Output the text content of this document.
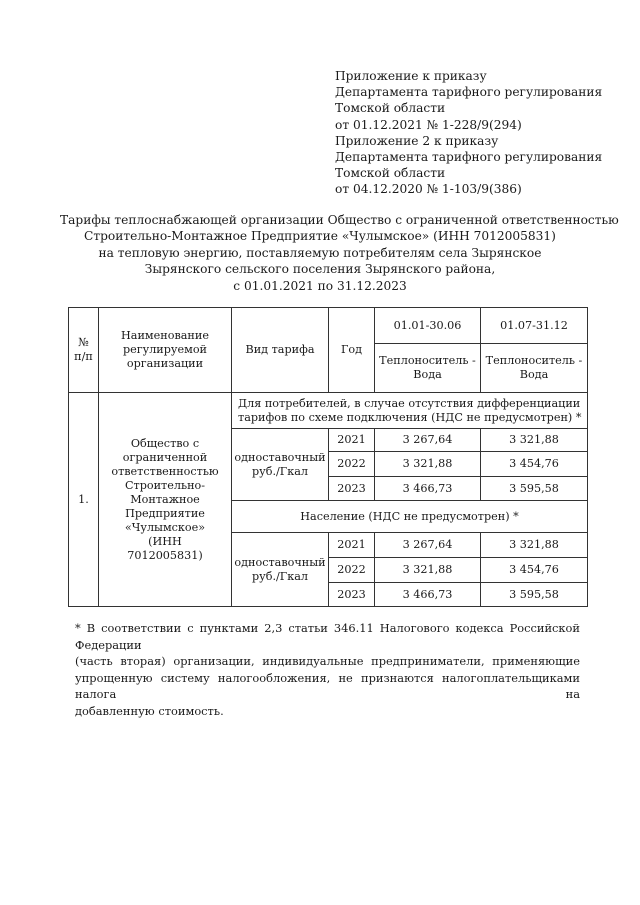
Приложение к приказу
Департамента тарифного регулирования
Томской области
от 01.12.2021 № 1-228/9(294)
Приложение 2 к приказу
Департамента тарифного регулирования
Томской области
от 04.12.2020 № 1-103/9(386)
Тарифы теплоснабжающей организации Общество с ограниченной ответственностью
Строительно-Монтажное Предприятие «Чулымское» (ИНН 7012005831)
на тепловую энергию, поставляемую потребителям села Зырянское
Зырянского сельского поселения Зырянского района,
с 01.01.2021 по 31.12.2023
№ п/п	Наименование регулируемой организации	Вид тарифа	Год	01.01-30.06	01.07-31.12
				Теплоноситель - Вода	Теплоноситель - Вода
1.	Общество с ограниченной ответственностью Строительно-Монтажное Предприятие «Чулымское» (ИНН 7012005831)	Для потребителей, в случае отсутствия дифференциации тарифов по схеме подключения (НДС не предусмотрен) *			
		одноставочный руб./Гкал	2021	3 267,64	3 321,88
			2022	3 321,88	3 454,76
			2023	3 466,73	3 595,58
		Население (НДС не предусмотрен) *			
		одноставочный руб./Гкал	2021	3 267,64	3 321,88
			2022	3 321,88	3 454,76
			2023	3 466,73	3 595,58
* В соответствии с пунктами 2,3 статьи 346.11 Налогового кодекса Российской Федерации
(часть вторая) организации, индивидуальные предприниматели, применяющие
упрощенную систему налогообложения, не признаются налогоплательщиками налога на
добавленную стоимость.
